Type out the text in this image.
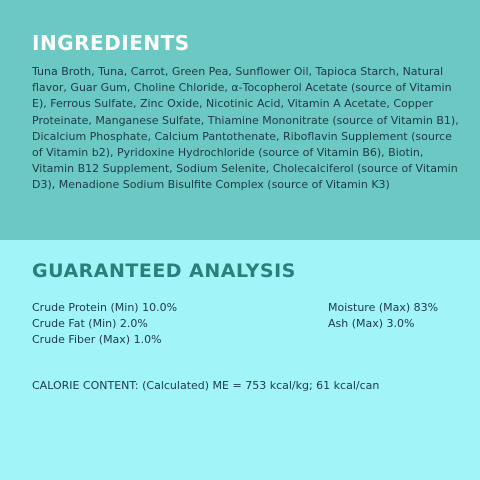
INGREDIENTS

Tuna Broth, Tuna, Carrot, Green Pea, Sunflower Oil, Tapioca Starch, Natural flavor, Guar Gum, Choline Chloride, α-Tocopherol Acetate (source of Vitamin E), Ferrous Sulfate, Zinc Oxide, Nicotinic Acid, Vitamin A Acetate, Copper Proteinate, Manganese Sulfate, Thiamine Mononitrate (source of Vitamin B1), Dicalcium Phosphate, Calcium Pantothenate, Riboflavin Supplement (source of Vitamin b2), Pyridoxine Hydrochloride (source of Vitamin B6), Biotin, Vitamin B12 Supplement, Sodium Selenite, Cholecalciferol (source of Vitamin D3), Menadione Sodium Bisulfite Complex (source of Vitamin K3)

GUARANTEED ANALYSIS
Crude Protein (Min) 10.0%
Crude Fat (Min) 2.0%
Crude Fiber (Max) 1.0%
Moisture (Max) 83%
Ash (Max) 3.0%

CALORIE CONTENT: (Calculated) ME = 753 kcal/kg; 61 kcal/can
